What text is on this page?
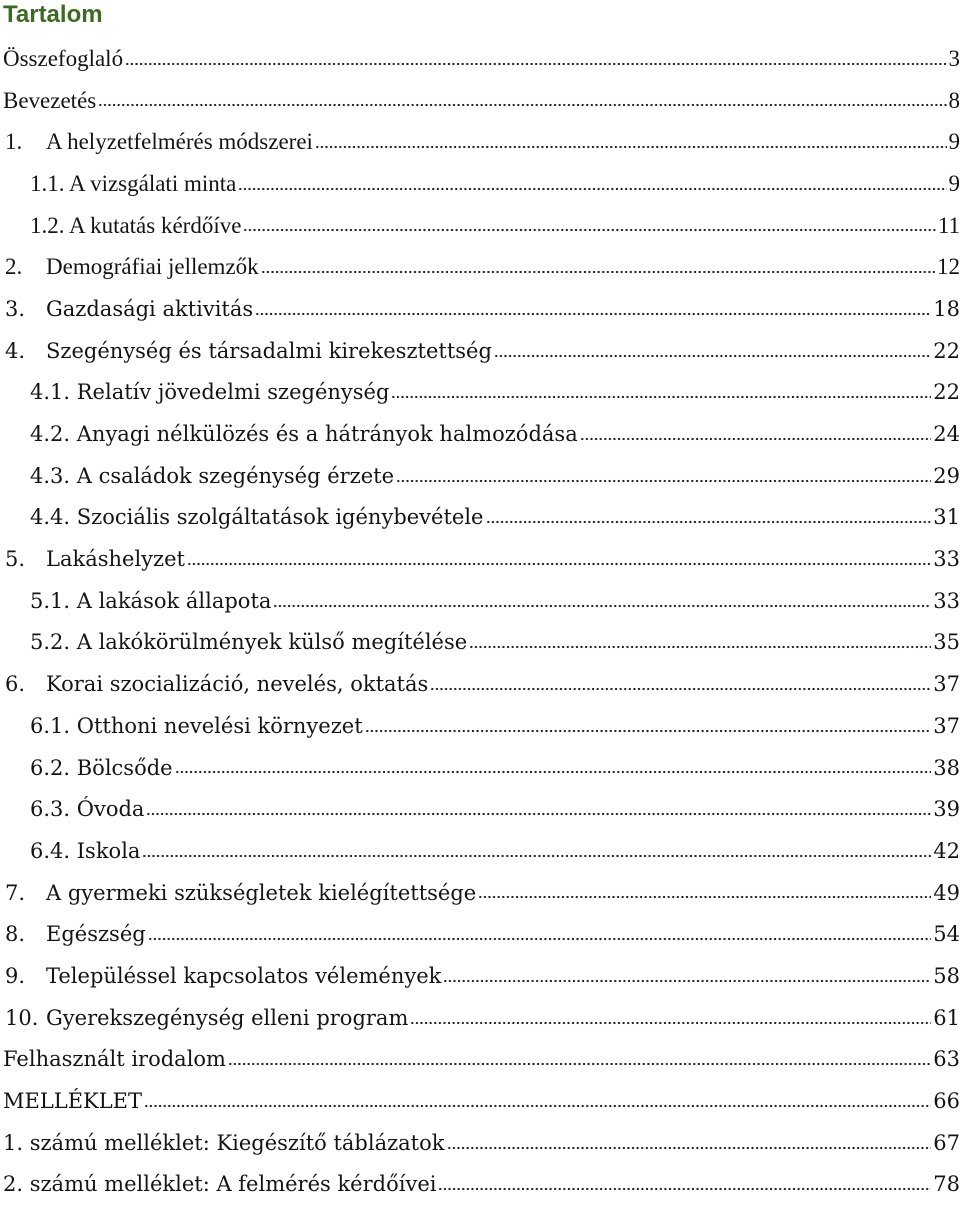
Tartalom
Összefoglaló	3
Bevezetés	8
1.	A helyzetfelmérés módszerei	9
1.1. A vizsgálati minta	9
1.2. A kutatás kérdőíve	11
2.	Demográfiai jellemzők	12
3. Gazdasági aktivitás	18
4. Szegénység és társadalmi kirekesztettség	22
4.1. Relatív jövedelmi szegénység	22
4.2. Anyagi nélkülözés és a hátrányok halmozódása	24
4.3. A családok szegénység érzete	29
4.4. Szociális szolgáltatások igénybevétele	31
5. Lakáshelyzet	33
5.1. A lakások állapota	33
5.2. A lakókörülmények külső megítélése	35
6. Korai szocializáció, nevelés, oktatás	37
6.1. Otthoni nevelési környezet	37
6.2. Bölcsőde	38
6.3. Óvoda	39
6.4. Iskola	42
7. A gyermeki szükségletek kielégítettsége	49
8. Egészség	54
9. Településsel kapcsolatos vélemények	58
10. Gyerekszegénység elleni program	61
Felhasznált irodalom	63
MELLÉKLET	66
1. számú melléklet: Kiegészítő táblázatok	67
2. számú melléklet: A felmérés kérdőívei	78
